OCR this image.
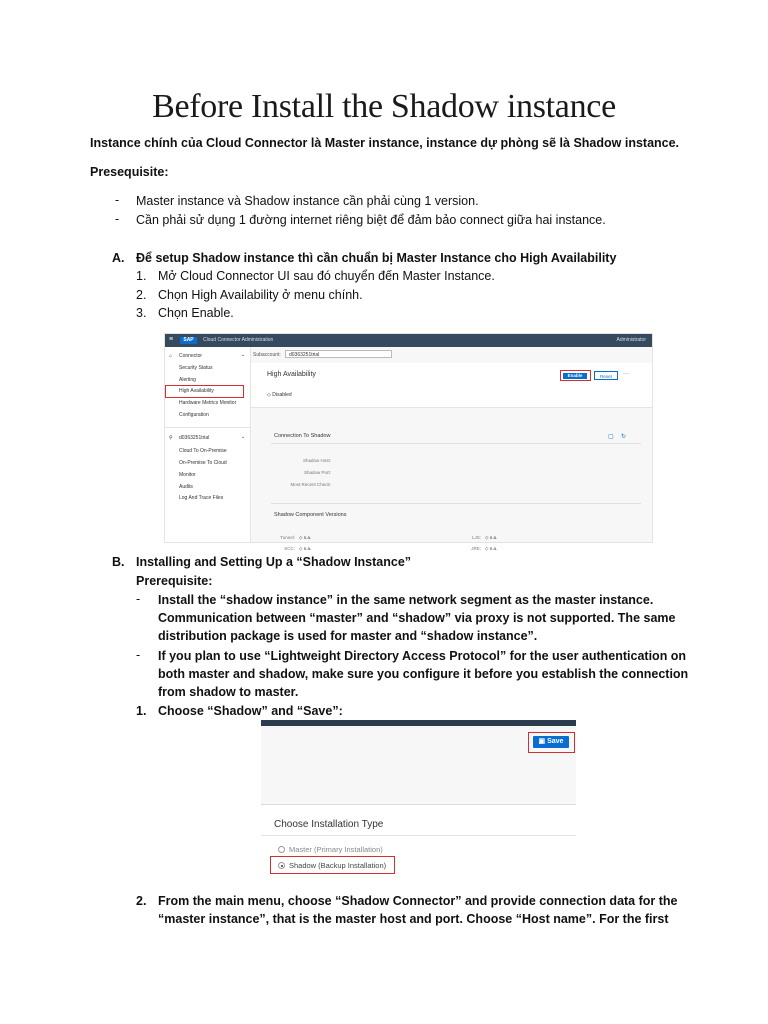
Before Install the Shadow instance
Instance chính của Cloud Connector là Master instance, instance dự phòng sẽ là Shadow instance.
Presequisite:
- Master instance và Shadow instance cần phải cùng 1 version.
- Cần phải sử dụng 1 đường internet riêng biệt để đảm bảo connect giữa hai instance.
A. Để setup Shadow instance thì cần chuẩn bị Master Instance cho High Availability
1. Mở Cloud Connector UI sau đó chuyển đến Master Instance.
2. Chọn High Availability ở menu chính.
3. Chọn Enable.
≡	SAP	Cloud Connector Administration	Administrator
⌂ Connector	⌄
Security Status
Alerting
High Availability
Hardware Metrics Monitor
Configuration
⚲ d0363251trial	⌄
Cloud To On-Premise
On-Premise To Cloud
Monitor
Audits
Log And Trace Files
Subaccount:	d0363251trial
High Availability
◇ Disabled
Enable	Reset	···
Connection To Shadow	▢ ↻
Shadow Host:
Shadow Port:
Most Recent Check:
Shadow Component Versions
Tunnel: ◇ n.a.
SCC: ◇ n.a.
LJS: ◇ n.a.
JRE: ◇ n.a.
B. Installing and Setting Up a “Shadow Instance”
Prerequisite:
- Install the “shadow instance” in the same network segment as the master instance.
Communication between “master” and “shadow” via proxy is not supported. The same
distribution package is used for master and “shadow instance”.
- If you plan to use “Lightweight Directory Access Protocol” for the user authentication on
both master and shadow, make sure you configure it before you establish the connection
from shadow to master.
1. Choose “Shadow” and “Save”:
▣ Save
Choose Installation Type
Master (Primary Installation)
Shadow (Backup Installation)
2. From the main menu, choose “Shadow Connector” and provide connection data for the
“master instance”, that is the master host and port. Choose “Host name”. For the first
